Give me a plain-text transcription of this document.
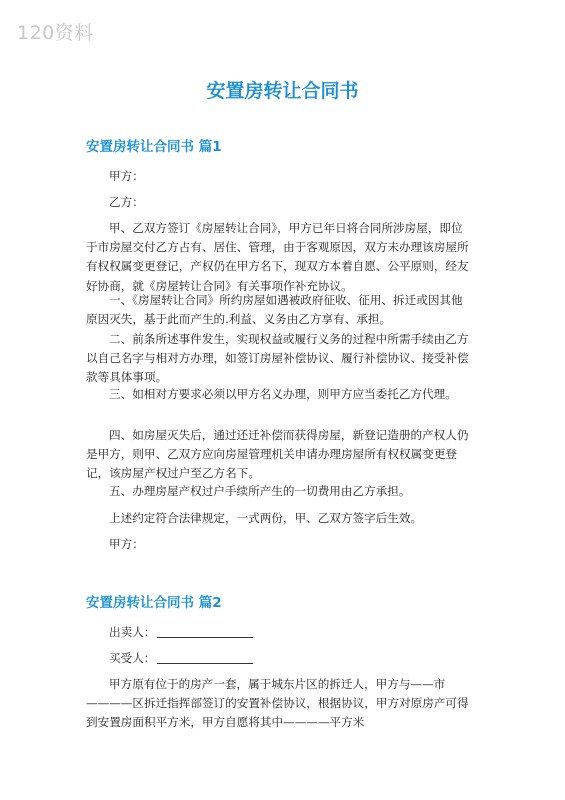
120资料
安置房转让合同书
安置房转让合同书 篇1

甲方：

乙方：

甲、乙双方签订《房屋转让合同》，甲方已年日将合同所涉房屋，即位于市房屋交付乙方占有、居住、管理，由于客观原因，双方未办理该房屋所有权权属变更登记，产权仍在甲方名下，现双方本着自愿、公平原则，经友好协商，就《房屋转让合同》有关事项作补充协议。

一、《房屋转让合同》所约房屋如遇被政府征收、征用、拆迁或因其他原因灭失，基于此而产生的.利益、义务由乙方享有、承担。

二、前条所述事件发生，实现权益或履行义务的过程中所需手续由乙方以自己名字与相对方办理，如签订房屋补偿协议、履行补偿协议、接受补偿款等具体事项。

三、如相对方要求必须以甲方名义办理，则甲方应当委托乙方代理。

四、如房屋灭失后，通过还迁补偿而获得房屋，新登记造册的产权人仍是甲方，则甲、乙双方应向房屋管理机关申请办理房屋所有权权属变更登记，该房屋产权过户至乙方名下。

五、办理房屋产权过户手续所产生的一切费用由乙方承担。

上述约定符合法律规定，一式两份，甲、乙双方签字后生效。

甲方：

安置房转让合同书 篇2

出卖人：

买受人：

甲方原有位于的房产一套，属于城东片区的拆迁人，甲方与——市————区拆迁指挥部签订的安置补偿协议，根据协议，甲方对原房产可得到安置房面积平方米，甲方自愿将其中————平方米
